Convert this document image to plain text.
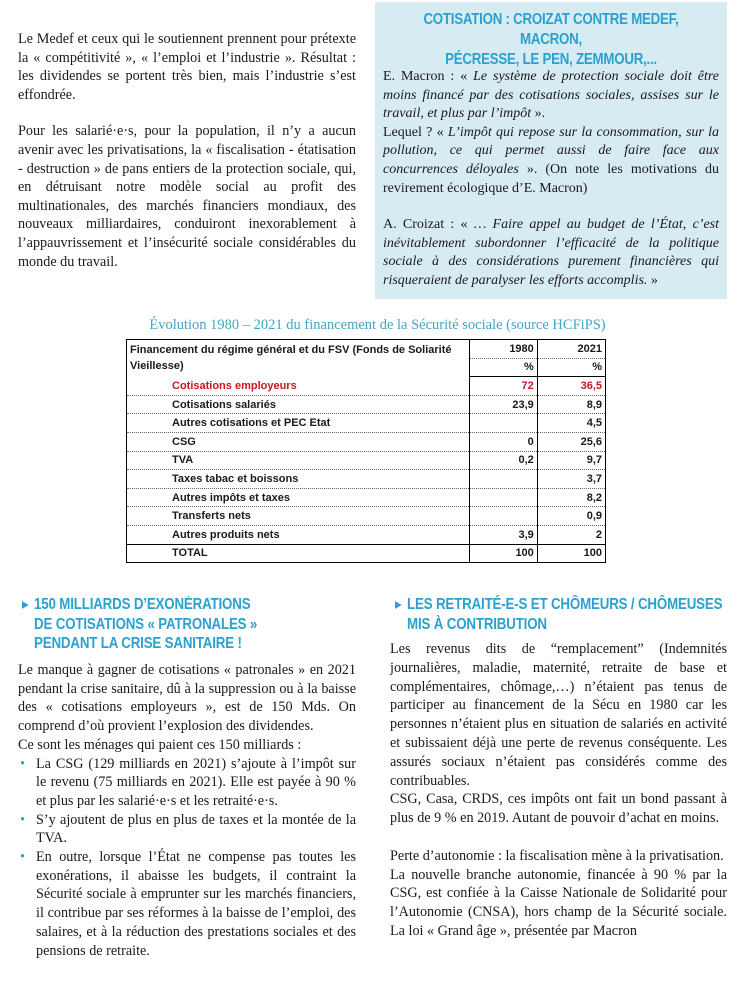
Le Medef et ceux qui le soutiennent prennent pour prétexte la « compétitivité », « l’emploi et l’industrie ». Résultat : les dividendes se portent très bien, mais l’industrie s’est effondrée.

Pour les salarié·e·s, pour la population, il n’y a aucun avenir avec les privatisations, la « fiscalisation - étatisation - destruction » de pans entiers de la protection sociale, qui, en détruisant notre modèle social au profit des multinationales, des marchés financiers mondiaux, des nouveaux milliardaires, conduiront inexorablement à l’appauvrissement et l’insécurité sociale considérables du monde du travail.

COTISATION : CROIZAT CONTRE MEDEF, MACRON,
PÉCRESSE, LE PEN, ZEMMOUR,...

E. Macron : « Le système de protection sociale doit être moins financé par des cotisations sociales, assises sur le travail, et plus par l’impôt ».

Lequel ? « L’impôt qui repose sur la consommation, sur la pollution, ce qui permet aussi de faire face aux concurrences déloyales ». (On note les motivations du revirement écologique d’E. Macron)

A. Croizat : « … Faire appel au budget de l’État, c’est inévitablement subordonner l’efficacité de la politique sociale à des considérations purement financières qui risqueraient de paralyser les efforts accomplis. »

Évolution 1980 – 2021 du financement de la Sécurité sociale (source HCFiPS)
Financement du régime général et du FSV (Fonds de Soliarité Vieillesse)	1980	2021
	%	%
Cotisations employeurs	72	36,5
Cotisations salariés	23,9	8,9
Autres cotisations et PEC Etat		4,5
CSG	0	25,6
TVA	0,2	9,7
Taxes tabac et boissons		3,7
Autres impôts et taxes		8,2
Transferts nets		0,9
Autres produits nets	3,9	2
TOTAL	100	100
▸ 150 MILLIARDS D’EXONÉRATIONS
DE COTISATIONS « PATRONALES »
PENDANT LA CRISE SANITAIRE !

Le manque à gagner de cotisations « patronales » en 2021 pendant la crise sanitaire, dû à la suppression ou à la baisse des « cotisations employeurs », est de 150 Mds. On comprend d’où provient l’explosion des dividendes.

Ce sont les ménages qui paient ces 150 milliards :

• La CSG (129 milliards en 2021) s’ajoute à l’impôt sur le revenu (75 milliards en 2021). Elle est payée à 90 % et plus par les salarié·e·s et les retraité·e·s.
• S’y ajoutent de plus en plus de taxes et la montée de la TVA.
• En outre, lorsque l’État ne compense pas toutes les exonérations, il abaisse les budgets, il contraint la Sécurité sociale à emprunter sur les marchés financiers, il contribue par ses réformes à la baisse de l’emploi, des salaires, et à la réduction des prestations sociales et des pensions de retraite.
▸ LES RETRAITÉ-E-S ET CHÔMEURS / CHÔMEUSES
MIS À CONTRIBUTION

Les revenus dits de “remplacement” (Indemnités journalières, maladie, maternité, retraite de base et complémentaires, chômage,…) n’étaient pas tenus de participer au financement de la Sécu en 1980 car les personnes n’étaient plus en situation de salariés en activité et subissaient déjà une perte de revenus conséquente. Les assurés sociaux n’étaient pas considérés comme des contribuables.

CSG, Casa, CRDS, ces impôts ont fait un bond passant à plus de 9 % en 2019. Autant de pouvoir d’achat en moins.

Perte d’autonomie : la fiscalisation mène à la privatisation.

La nouvelle branche autonomie, financée à 90 % par la CSG, est confiée à la Caisse Nationale de Solidarité pour l’Autonomie (CNSA), hors champ de la Sécurité sociale. La loi « Grand âge », présentée par Macron
